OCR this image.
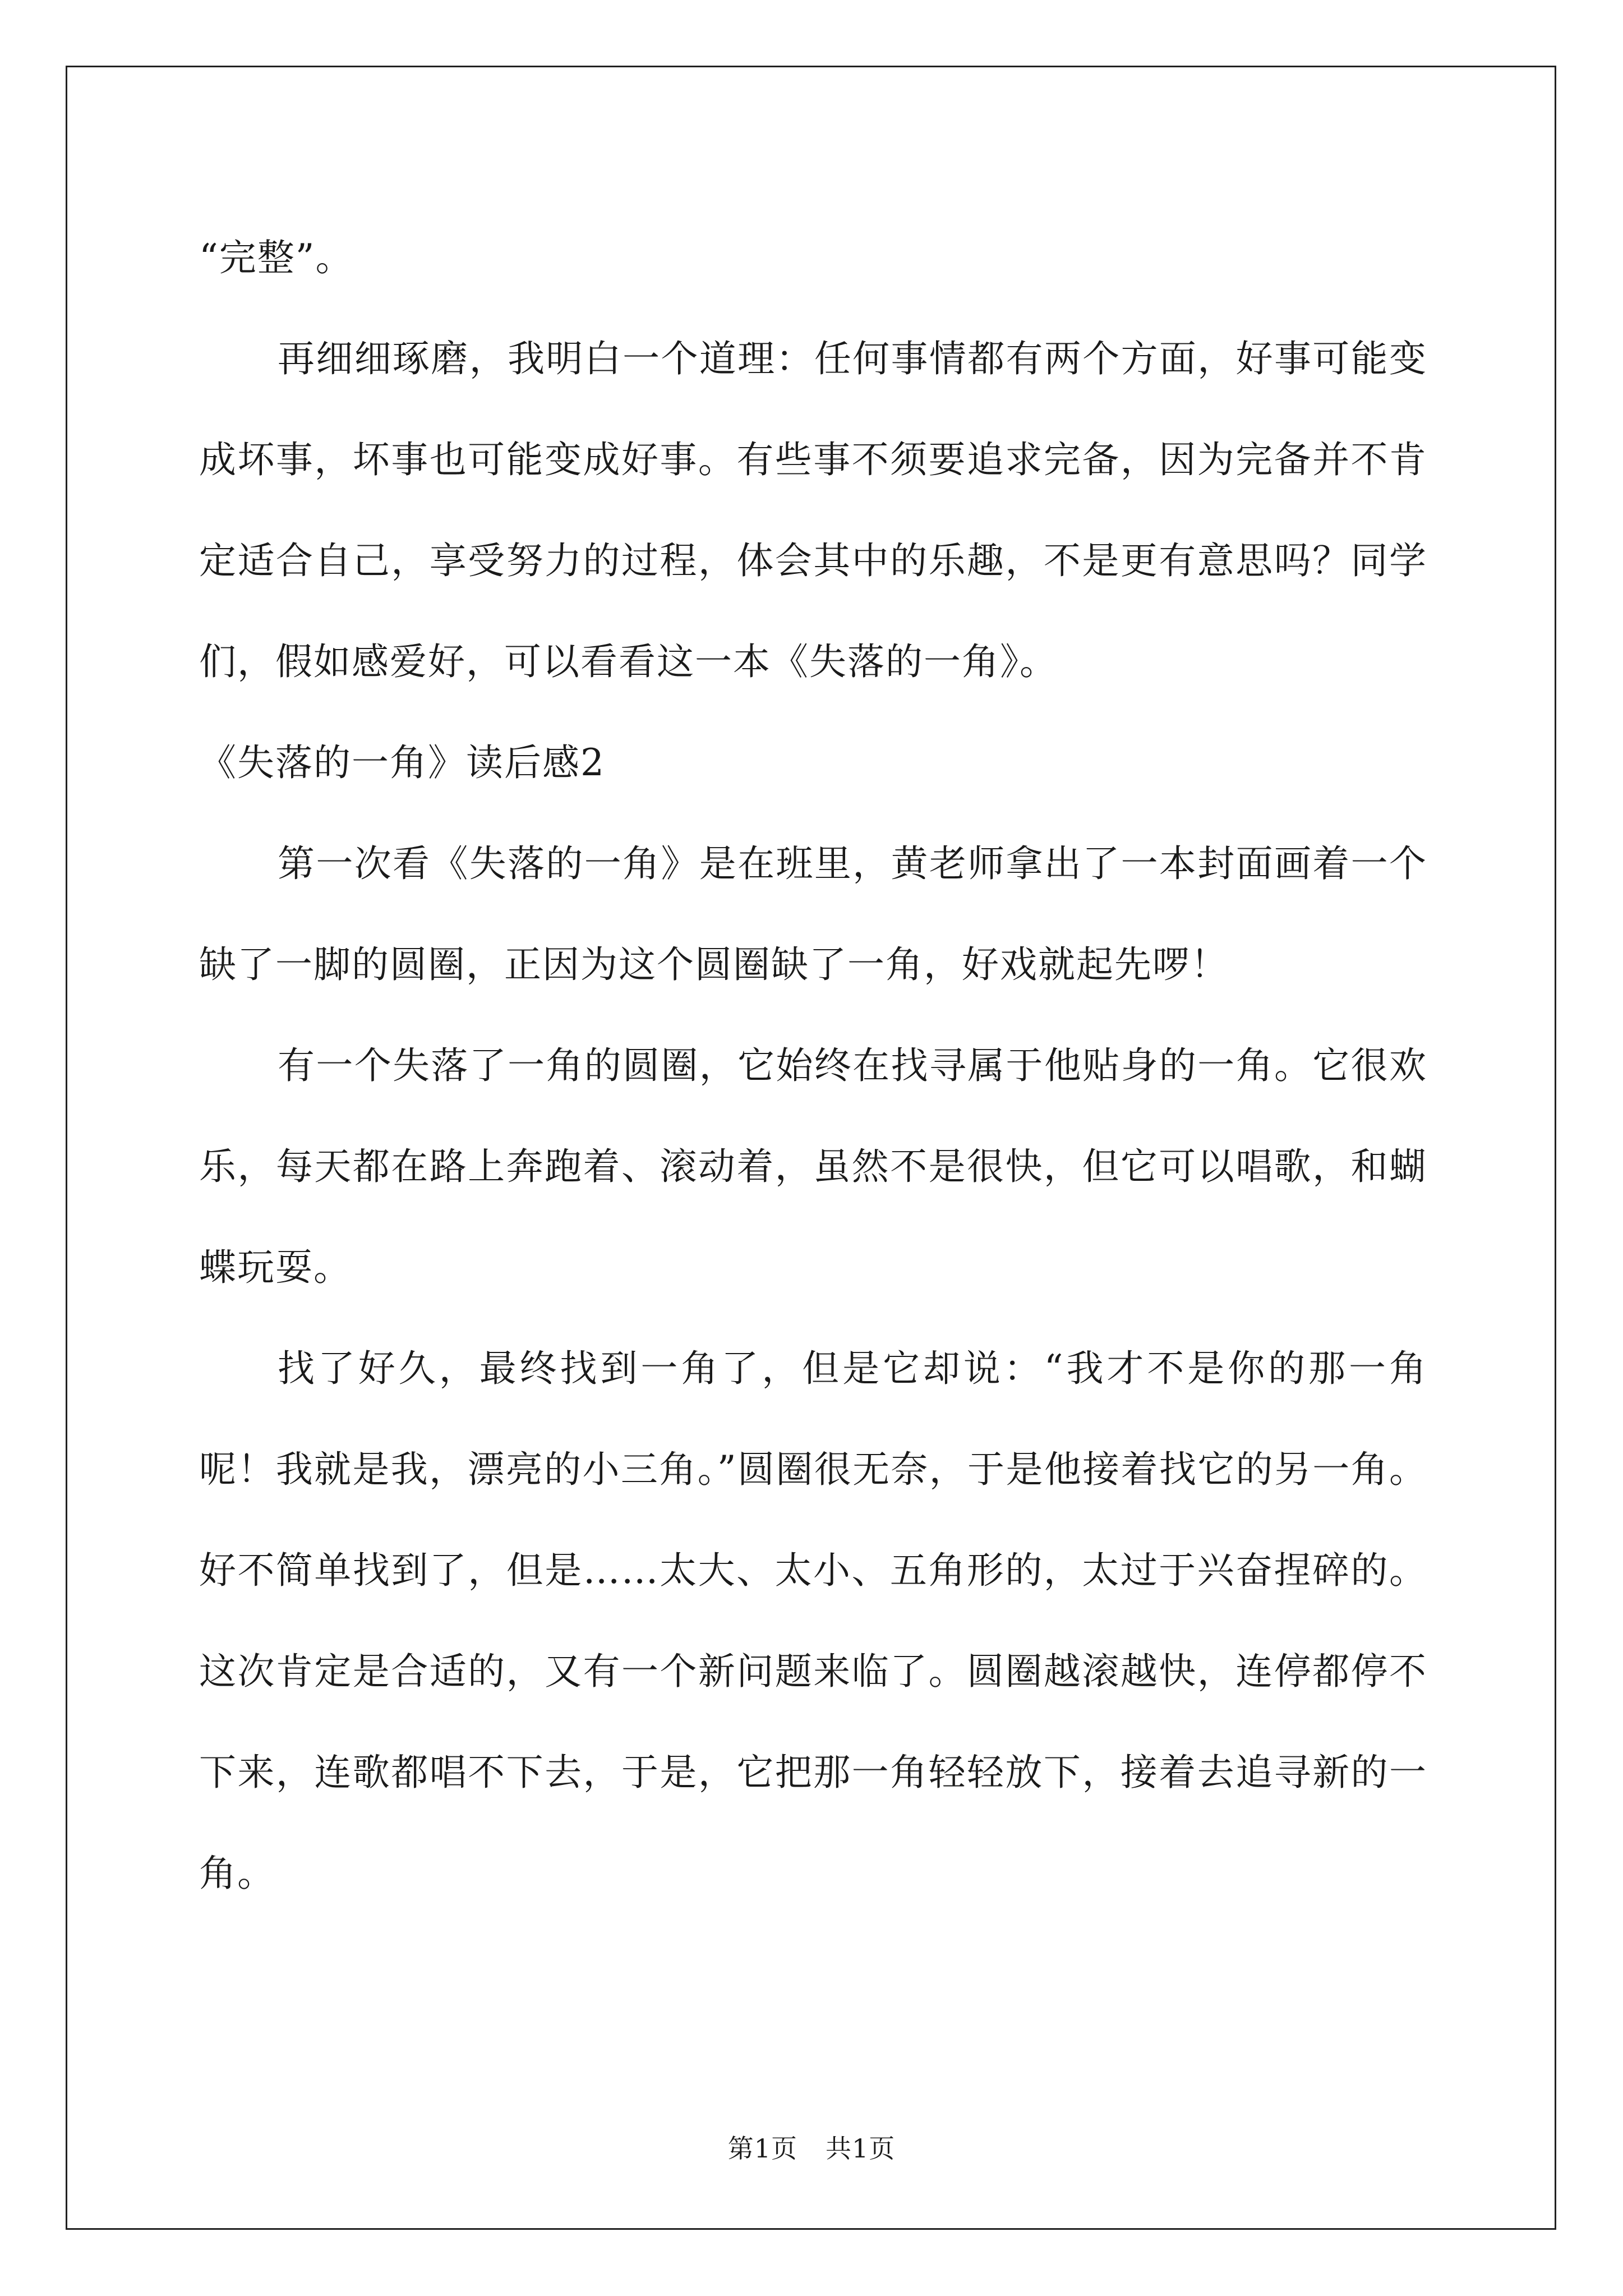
“完整”。

再细细琢磨，我明白一个道理：任何事情都有两个方面，好事可能变成坏事，坏事也可能变成好事。有些事不须要追求完备，因为完备并不肯定适合自己，享受努力的过程，体会其中的乐趣，不是更有意思吗？同学们，假如感爱好，可以看看这一本《失落的一角》。

《失落的一角》读后感2

第一次看《失落的一角》是在班里，黄老师拿出了一本封面画着一个缺了一脚的圆圈，正因为这个圆圈缺了一角，好戏就起先啰！

有一个失落了一角的圆圈，它始终在找寻属于他贴身的一角。它很欢乐，每天都在路上奔跑着、滚动着，虽然不是很快，但它可以唱歌，和蝴蝶玩耍。

找了好久，最终找到一角了，但是它却说：“我才不是你的那一角呢！我就是我，漂亮的小三角。”圆圈很无奈，于是他接着找它的另一角。好不简单找到了，但是……太大、太小、五角形的，太过于兴奋捏碎的。这次肯定是合适的，又有一个新问题来临了。圆圈越滚越快，连停都停不下来，连歌都唱不下去，于是，它把那一角轻轻放下，接着去追寻新的一角。

第1页 共1页
